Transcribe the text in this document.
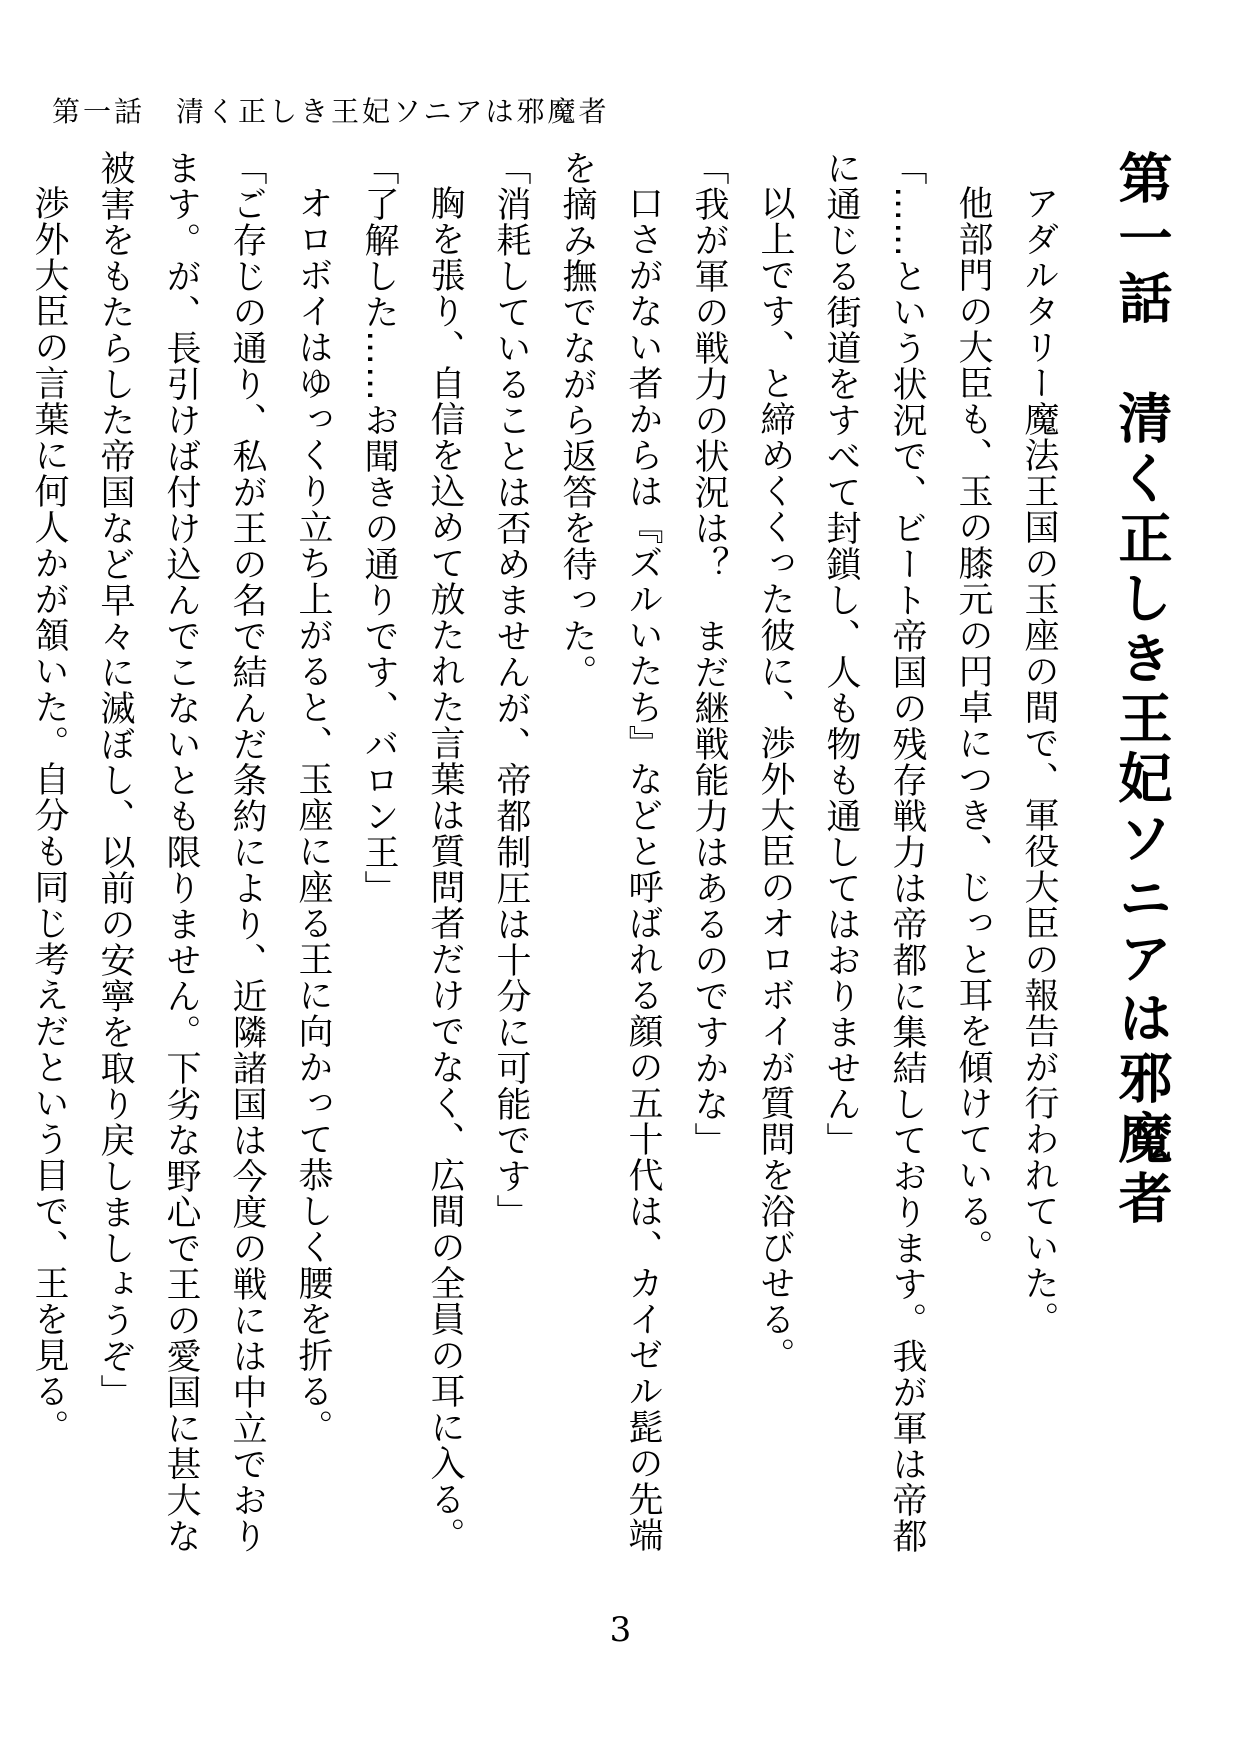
第一話　清く正しき王妃ソニアは邪魔者
第一話　清く正しき王妃ソニアは邪魔者

アダルタリー魔法王国の玉座の間で、軍役大臣の報告が行われていた。

他部門の大臣も、玉の膝元の円卓につき、じっと耳を傾けている。

「……という状況で、ビート帝国の残存戦力は帝都に集結しております。我が軍は帝都に通じる街道をすべて封鎖し、人も物も通してはおりません」

以上です、と締めくくった彼に、渉外大臣のオロボイが質問を浴びせる。

「我が軍の戦力の状況は？　まだ継戦能力はあるのですかな」

口さがない者からは『ズルいたち』などと呼ばれる顔の五十代は、カイゼル髭の先端を摘み撫でながら返答を待った。

「消耗していることは否めませんが、帝都制圧は十分に可能です」

胸を張り、自信を込めて放たれた言葉は質問者だけでなく、広間の全員の耳に入る。

「了解した……お聞きの通りです、バロン王」

オロボイはゆっくり立ち上がると、玉座に座る王に向かって恭しく腰を折る。

「ご存じの通り、私が王の名で結んだ条約により、近隣諸国は今度の戦には中立でおります。が、長引けば付け込んでこないとも限りません。下劣な野心で王の愛国に甚大な被害をもたらした帝国など早々に滅ぼし、以前の安寧を取り戻しましょうぞ」

渉外大臣の言葉に何人かが頷いた。自分も同じ考えだという目で、王を見る。

3
